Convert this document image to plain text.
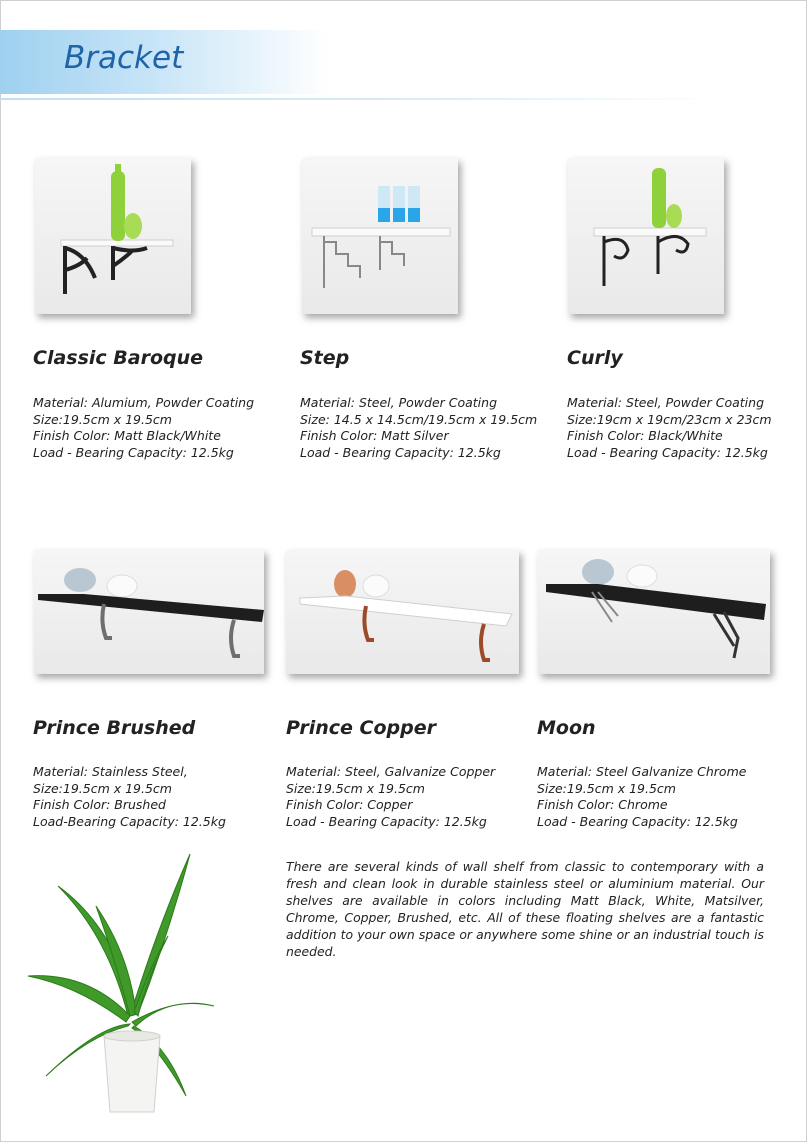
Bracket
Classic Baroque
Material: Alumium, Powder Coating
Size:19.5cm x 19.5cm
Finish Color: Matt Black/White
Load - Bearing Capacity: 12.5kg
Step
Material: Steel, Powder Coating
Size: 14.5 x 14.5cm/19.5cm x 19.5cm
Finish Color: Matt Silver
Load - Bearing Capacity: 12.5kg
Curly
Material: Steel, Powder Coating
Size:19cm x 19cm/23cm x 23cm
Finish Color: Black/White
Load - Bearing Capacity: 12.5kg
Prince Brushed
Material: Stainless Steel,
Size:19.5cm x 19.5cm
Finish Color: Brushed
Load-Bearing Capacity: 12.5kg
Prince Copper
Material: Steel, Galvanize Copper
Size:19.5cm x 19.5cm
Finish Color: Copper
Load - Bearing Capacity: 12.5kg
Moon
Material: Steel Galvanize Chrome
Size:19.5cm x 19.5cm
Finish Color: Chrome
Load - Bearing Capacity: 12.5kg
There are several kinds of wall shelf from classic to contemporary with a fresh and clean look in durable stainless steel or aluminium material. Our shelves are available in colors including Matt Black, White, Matsilver, Chrome, Copper, Brushed, etc. All of these floating shelves are a fantastic addition to your own space or anywhere some shine or an industrial touch is needed.
